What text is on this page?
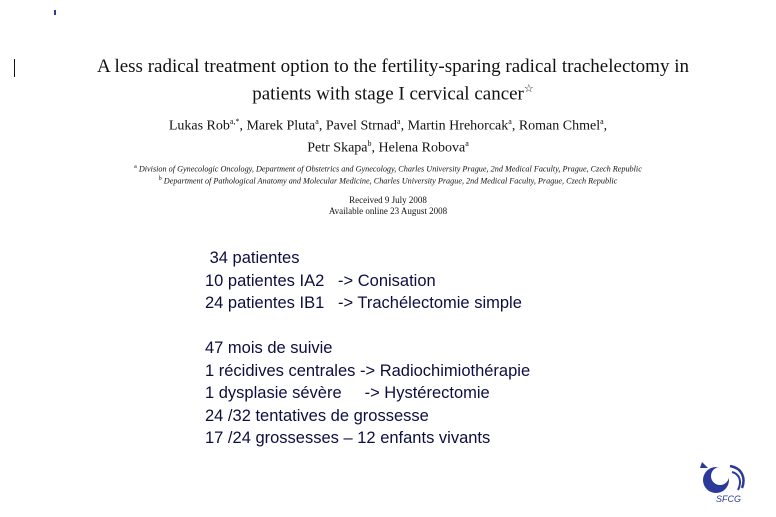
A less radical treatment option to the fertility-sparing radical trachelectomy in
patients with stage I cervical cancer☆
Lukas Rob$^{a,*}$, Marek Pluta$^a$, Pavel Strnad$^a$, Martin Hrehorcak$^a$, Roman Chmel$^a$,
Petr Skapa$^b$, Helena Robova$^a$
$^a$ Division of Gynecologic Oncology, Department of Obstetrics and Gynecology, Charles University Prague, 2nd Medical Faculty, Prague, Czech Republic
$^b$ Department of Pathological Anatomy and Molecular Medicine, Charles University Prague, 2nd Medical Faculty, Prague, Czech Republic
Received 9 July 2008
Available online 23 August 2008
34 patientes
10 patientes IA2   -> Conisation
24 patientes IB1   -> Trachélectomie simple
47 mois de suivie
1 récidives centrales -> Radiochimiothérapie
1 dysplasie sévère     -> Hystérectomie
24 /32 tentatives de grossesse
17 /24 grossesses – 12 enfants vivants
SFCG
